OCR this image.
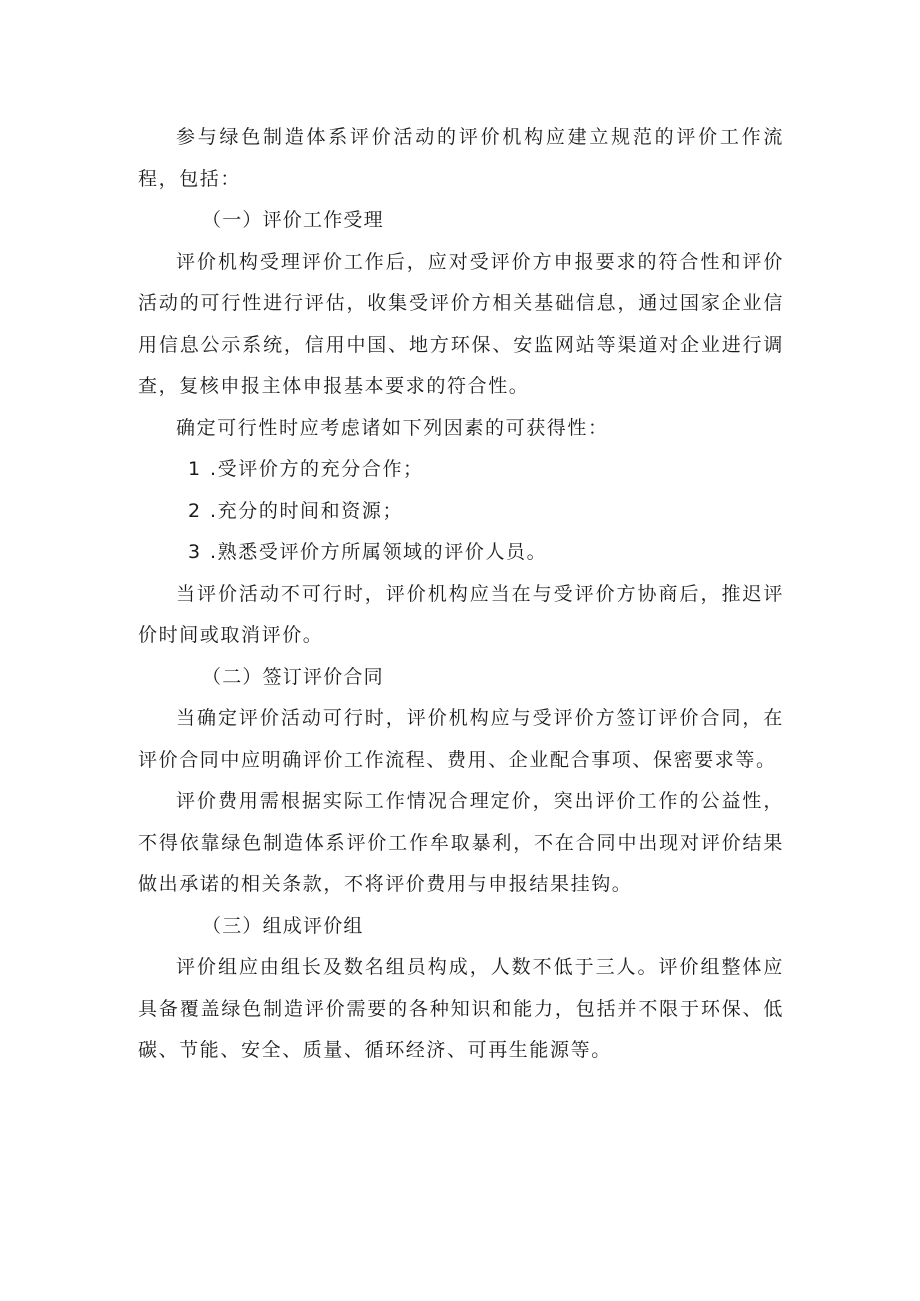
参与绿色制造体系评价活动的评价机构应建立规范的评价工作流程，包括：

（一）评价工作受理

评价机构受理评价工作后，应对受评价方申报要求的符合性和评价活动的可行性进行评估，收集受评价方相关基础信息，通过国家企业信用信息公示系统，信用中国、地方环保、安监网站等渠道对企业进行调查，复核申报主体申报基本要求的符合性。

确定可行性时应考虑诸如下列因素的可获得性：

1 .受评价方的充分合作；

2 .充分的时间和资源；

3 .熟悉受评价方所属领域的评价人员。

当评价活动不可行时，评价机构应当在与受评价方协商后，推迟评价时间或取消评价。

（二）签订评价合同

当确定评价活动可行时，评价机构应与受评价方签订评价合同，在评价合同中应明确评价工作流程、费用、企业配合事项、保密要求等。

评价费用需根据实际工作情况合理定价，突出评价工作的公益性，不得依靠绿色制造体系评价工作牟取暴利，不在合同中出现对评价结果做出承诺的相关条款，不将评价费用与申报结果挂钩。

（三）组成评价组

评价组应由组长及数名组员构成，人数不低于三人。评价组整体应具备覆盖绿色制造评价需要的各种知识和能力，包括并不限于环保、低碳、节能、安全、质量、循环经济、可再生能源等。
